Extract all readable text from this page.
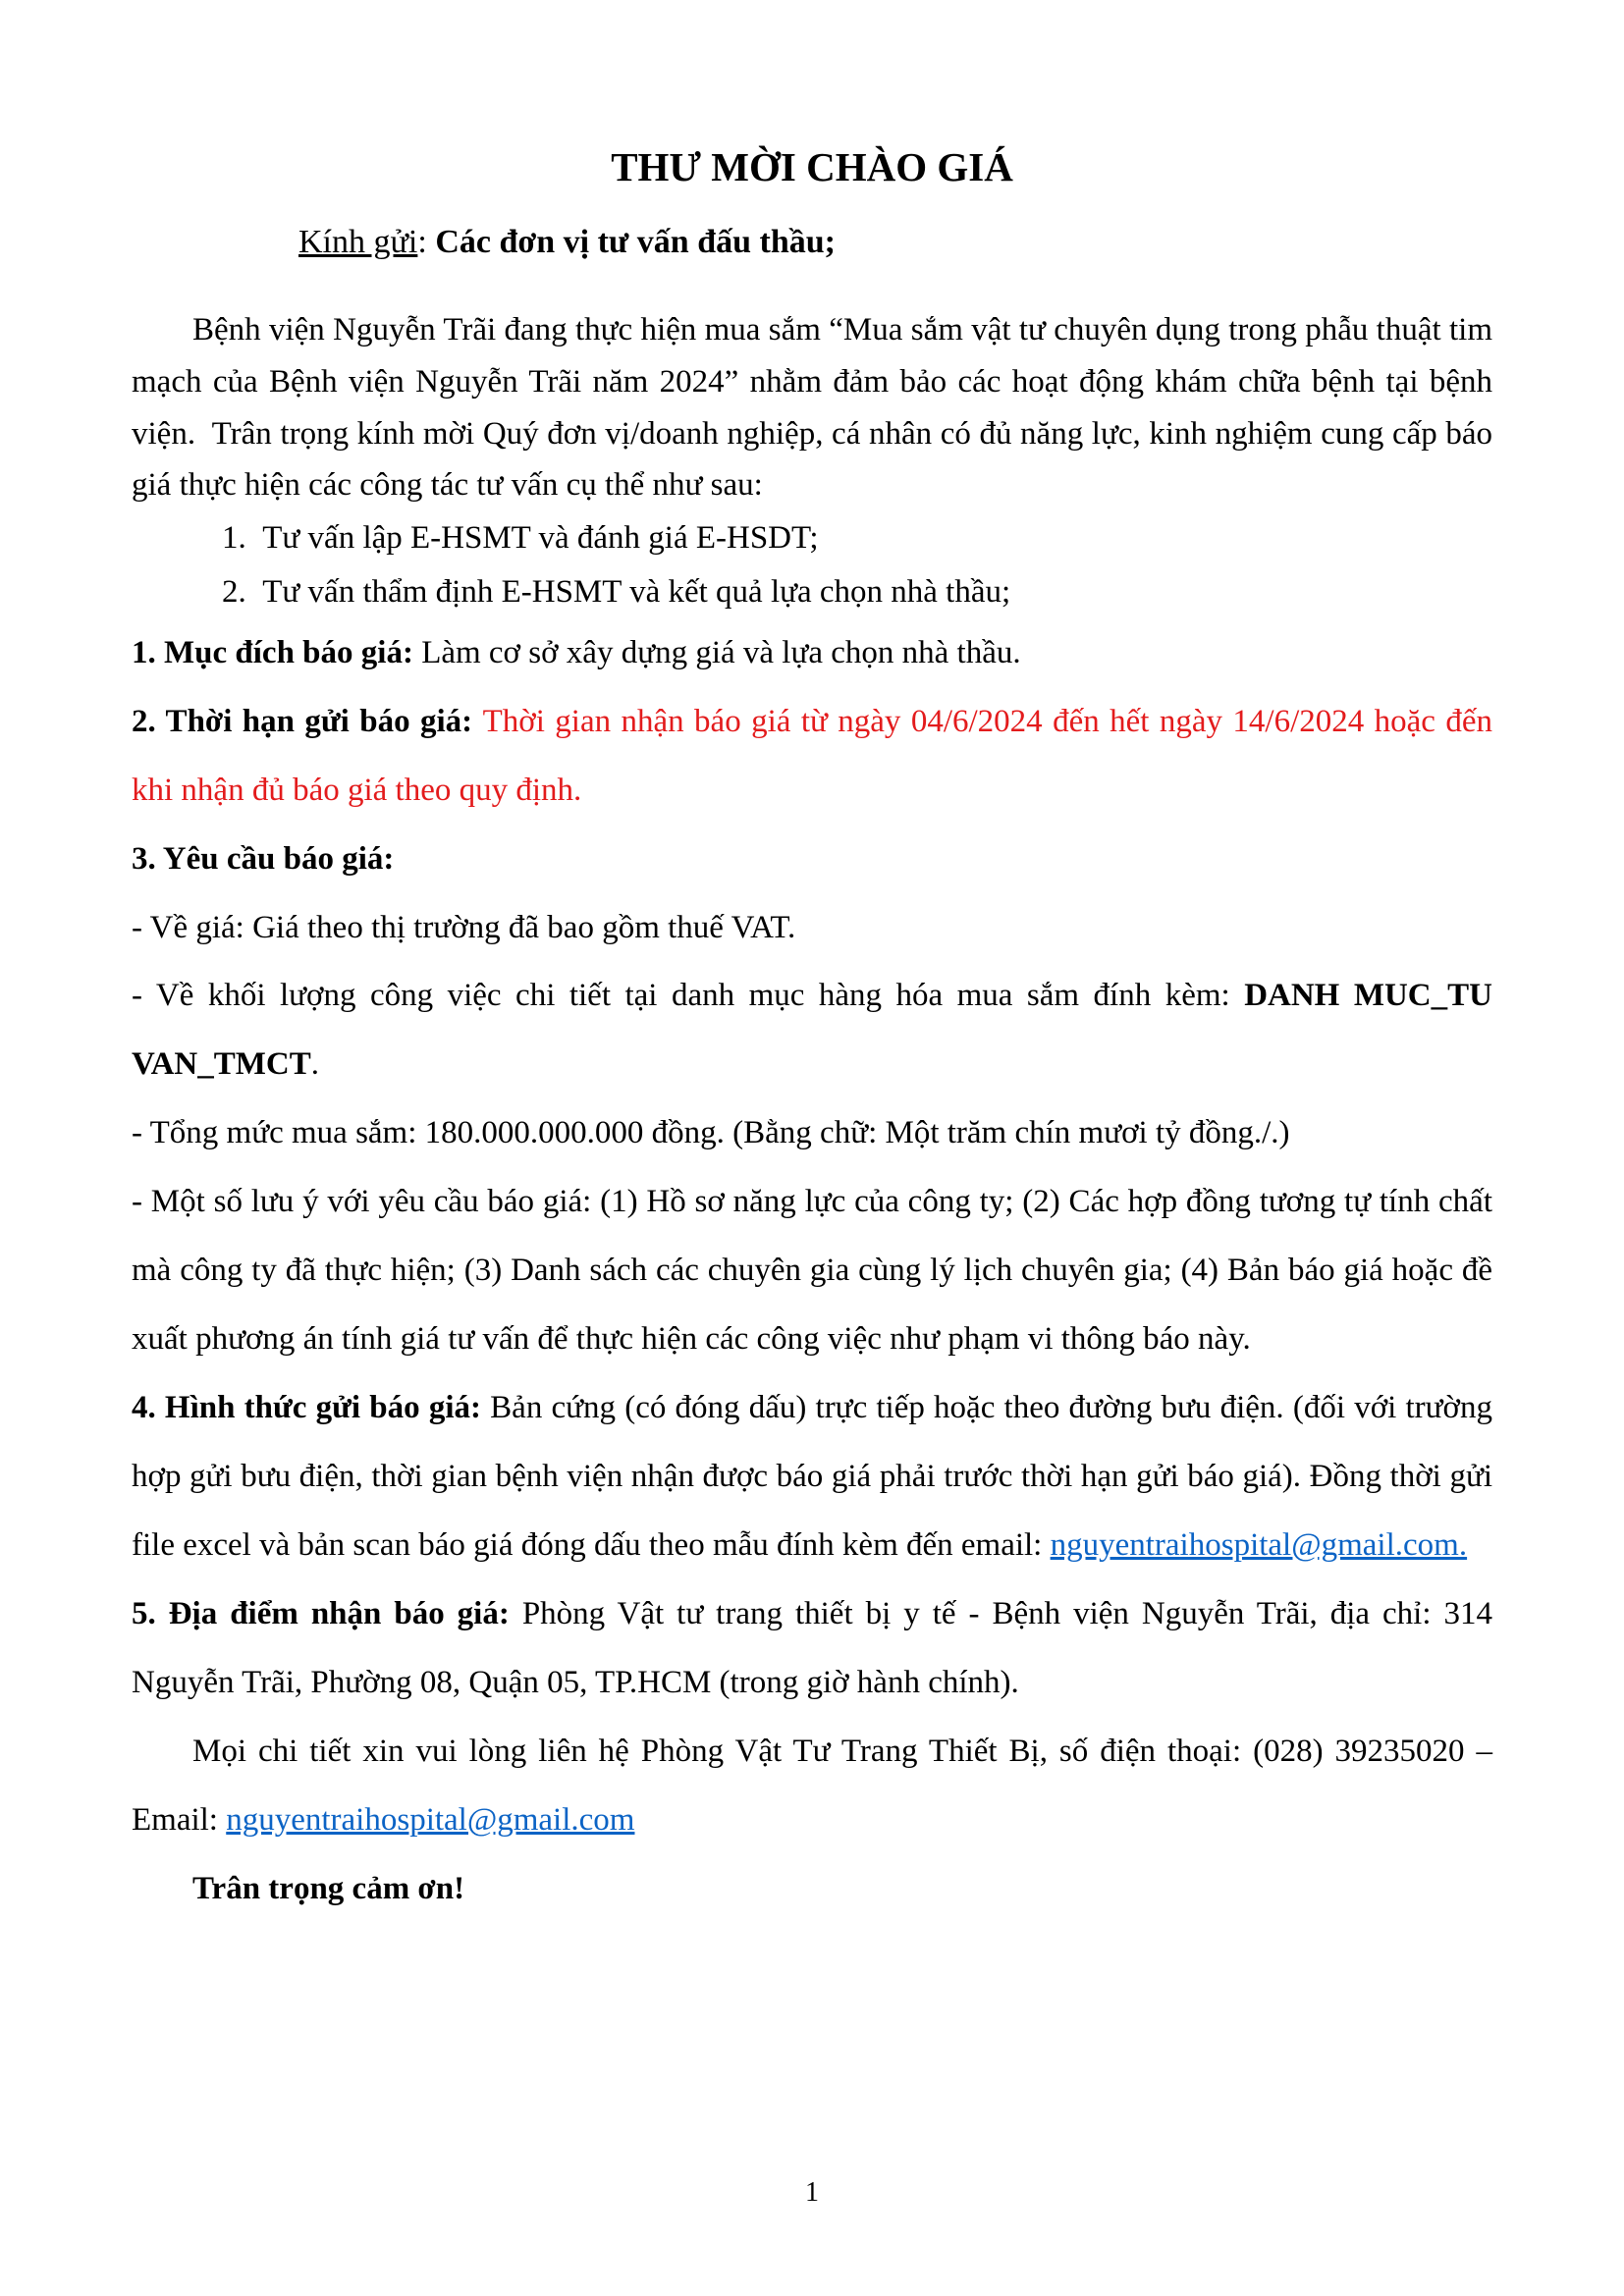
THƯ MỜI CHÀO GIÁ

Kính gửi: Các đơn vị tư vấn đấu thầu;

Bệnh viện Nguyễn Trãi đang thực hiện mua sắm “Mua sắm vật tư chuyên dụng trong phẫu thuật tim mạch của Bệnh viện Nguyễn Trãi năm 2024” nhằm đảm bảo các hoạt động khám chữa bệnh tại bệnh viện.  Trân trọng kính mời Quý đơn vị/doanh nghiệp, cá nhân có đủ năng lực, kinh nghiệm cung cấp báo giá thực hiện các công tác tư vấn cụ thể như sau:

1.  Tư vấn lập E-HSMT và đánh giá E-HSDT;

2.  Tư vấn thẩm định E-HSMT và kết quả lựa chọn nhà thầu;

1. Mục đích báo giá: Làm cơ sở xây dựng giá và lựa chọn nhà thầu.

2. Thời hạn gửi báo giá: Thời gian nhận báo giá từ ngày 04/6/2024 đến hết ngày 14/6/2024 hoặc đến khi nhận đủ báo giá theo quy định.

3. Yêu cầu báo giá:

- Về giá: Giá theo thị trường đã bao gồm thuế VAT.

- Về khối lượng công việc chi tiết tại danh mục hàng hóa mua sắm đính kèm: DANH MUC_TU VAN_TMCT.

- Tổng mức mua sắm: 180.000.000.000 đồng. (Bằng chữ: Một trăm chín mươi tỷ đồng./.)

- Một số lưu ý với yêu cầu báo giá: (1) Hồ sơ năng lực của công ty; (2) Các hợp đồng tương tự tính chất mà công ty đã thực hiện; (3) Danh sách các chuyên gia cùng lý lịch chuyên gia; (4) Bản báo giá hoặc đề xuất phương án tính giá tư vấn để thực hiện các công việc như phạm vi thông báo này.

4. Hình thức gửi báo giá: Bản cứng (có đóng dấu) trực tiếp hoặc theo đường bưu điện. (đối với trường hợp gửi bưu điện, thời gian bệnh viện nhận được báo giá phải trước thời hạn gửi báo giá). Đồng thời gửi file excel và bản scan báo giá đóng dấu theo mẫu đính kèm đến email: nguyentraihospital@gmail.com.

5. Địa điểm nhận báo giá: Phòng Vật tư trang thiết bị y tế - Bệnh viện Nguyễn Trãi, địa chỉ: 314 Nguyễn Trãi, Phường 08, Quận 05, TP.HCM (trong giờ hành chính).

Mọi chi tiết xin vui lòng liên hệ Phòng Vật Tư Trang Thiết Bị, số điện thoại: (028) 39235020 – Email: nguyentraihospital@gmail.com

Trân trọng cảm ơn!

1
